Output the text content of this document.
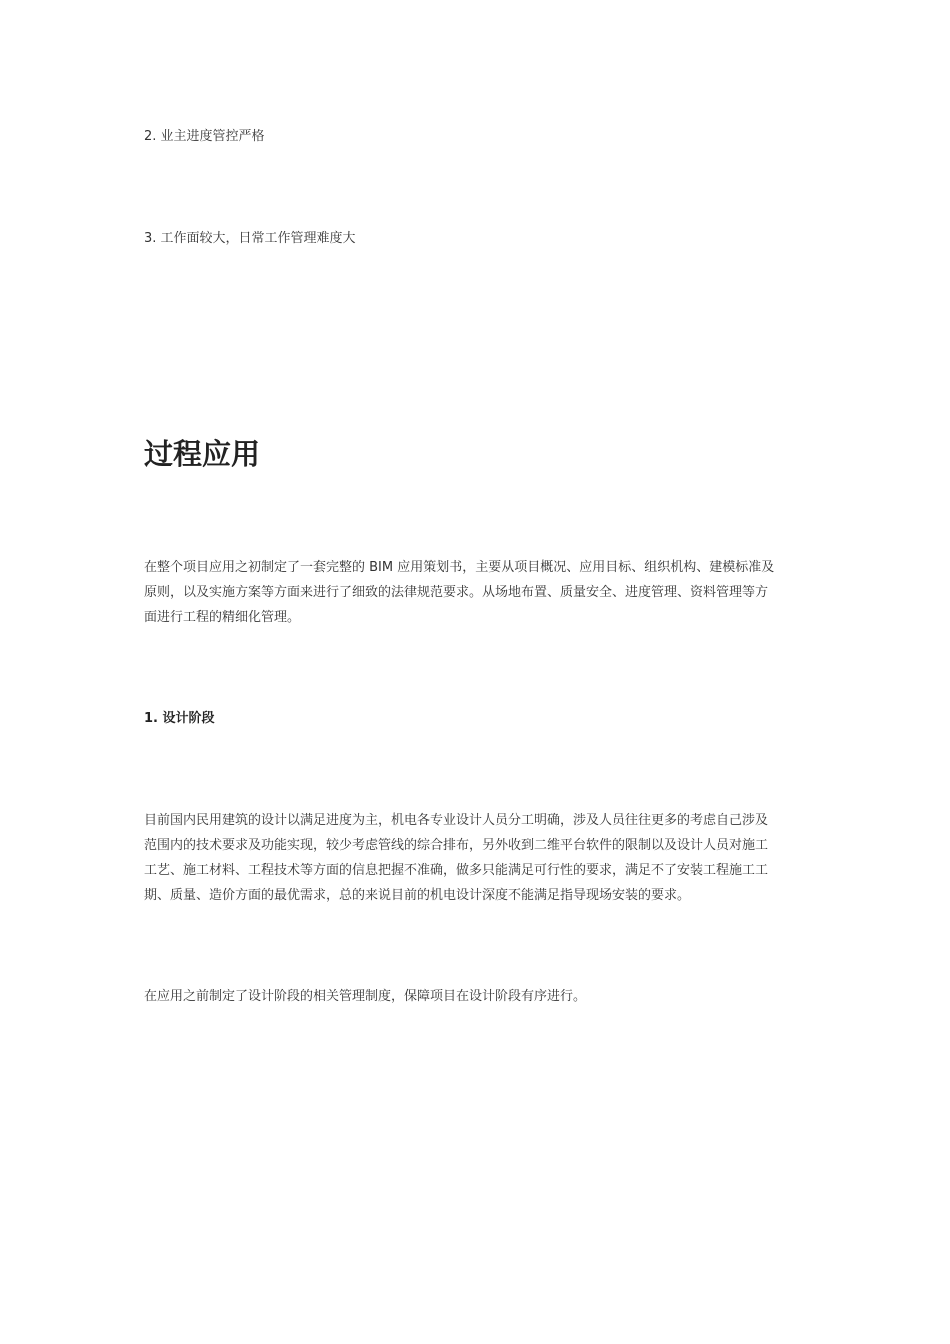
2. 业主进度管控严格
3. 工作面较大，日常工作管理难度大
过程应用
在整个项目应用之初制定了一套完整的 BIM 应用策划书，主要从项目概况、应用目标、组织机构、建模标准及
原则，以及实施方案等方面来进行了细致的法律规范要求。从场地布置、质量安全、进度管理、资料管理等方
面进行工程的精细化管理。
1. 设计阶段
目前国内民用建筑的设计以满足进度为主，机电各专业设计人员分工明确，涉及人员往往更多的考虑自己涉及
范围内的技术要求及功能实现，较少考虑管线的综合排布，另外收到二维平台软件的限制以及设计人员对施工
工艺、施工材料、工程技术等方面的信息把握不准确，做多只能满足可行性的要求，满足不了安装工程施工工
期、质量、造价方面的最优需求，总的来说目前的机电设计深度不能满足指导现场安装的要求。
在应用之前制定了设计阶段的相关管理制度，保障项目在设计阶段有序进行。
